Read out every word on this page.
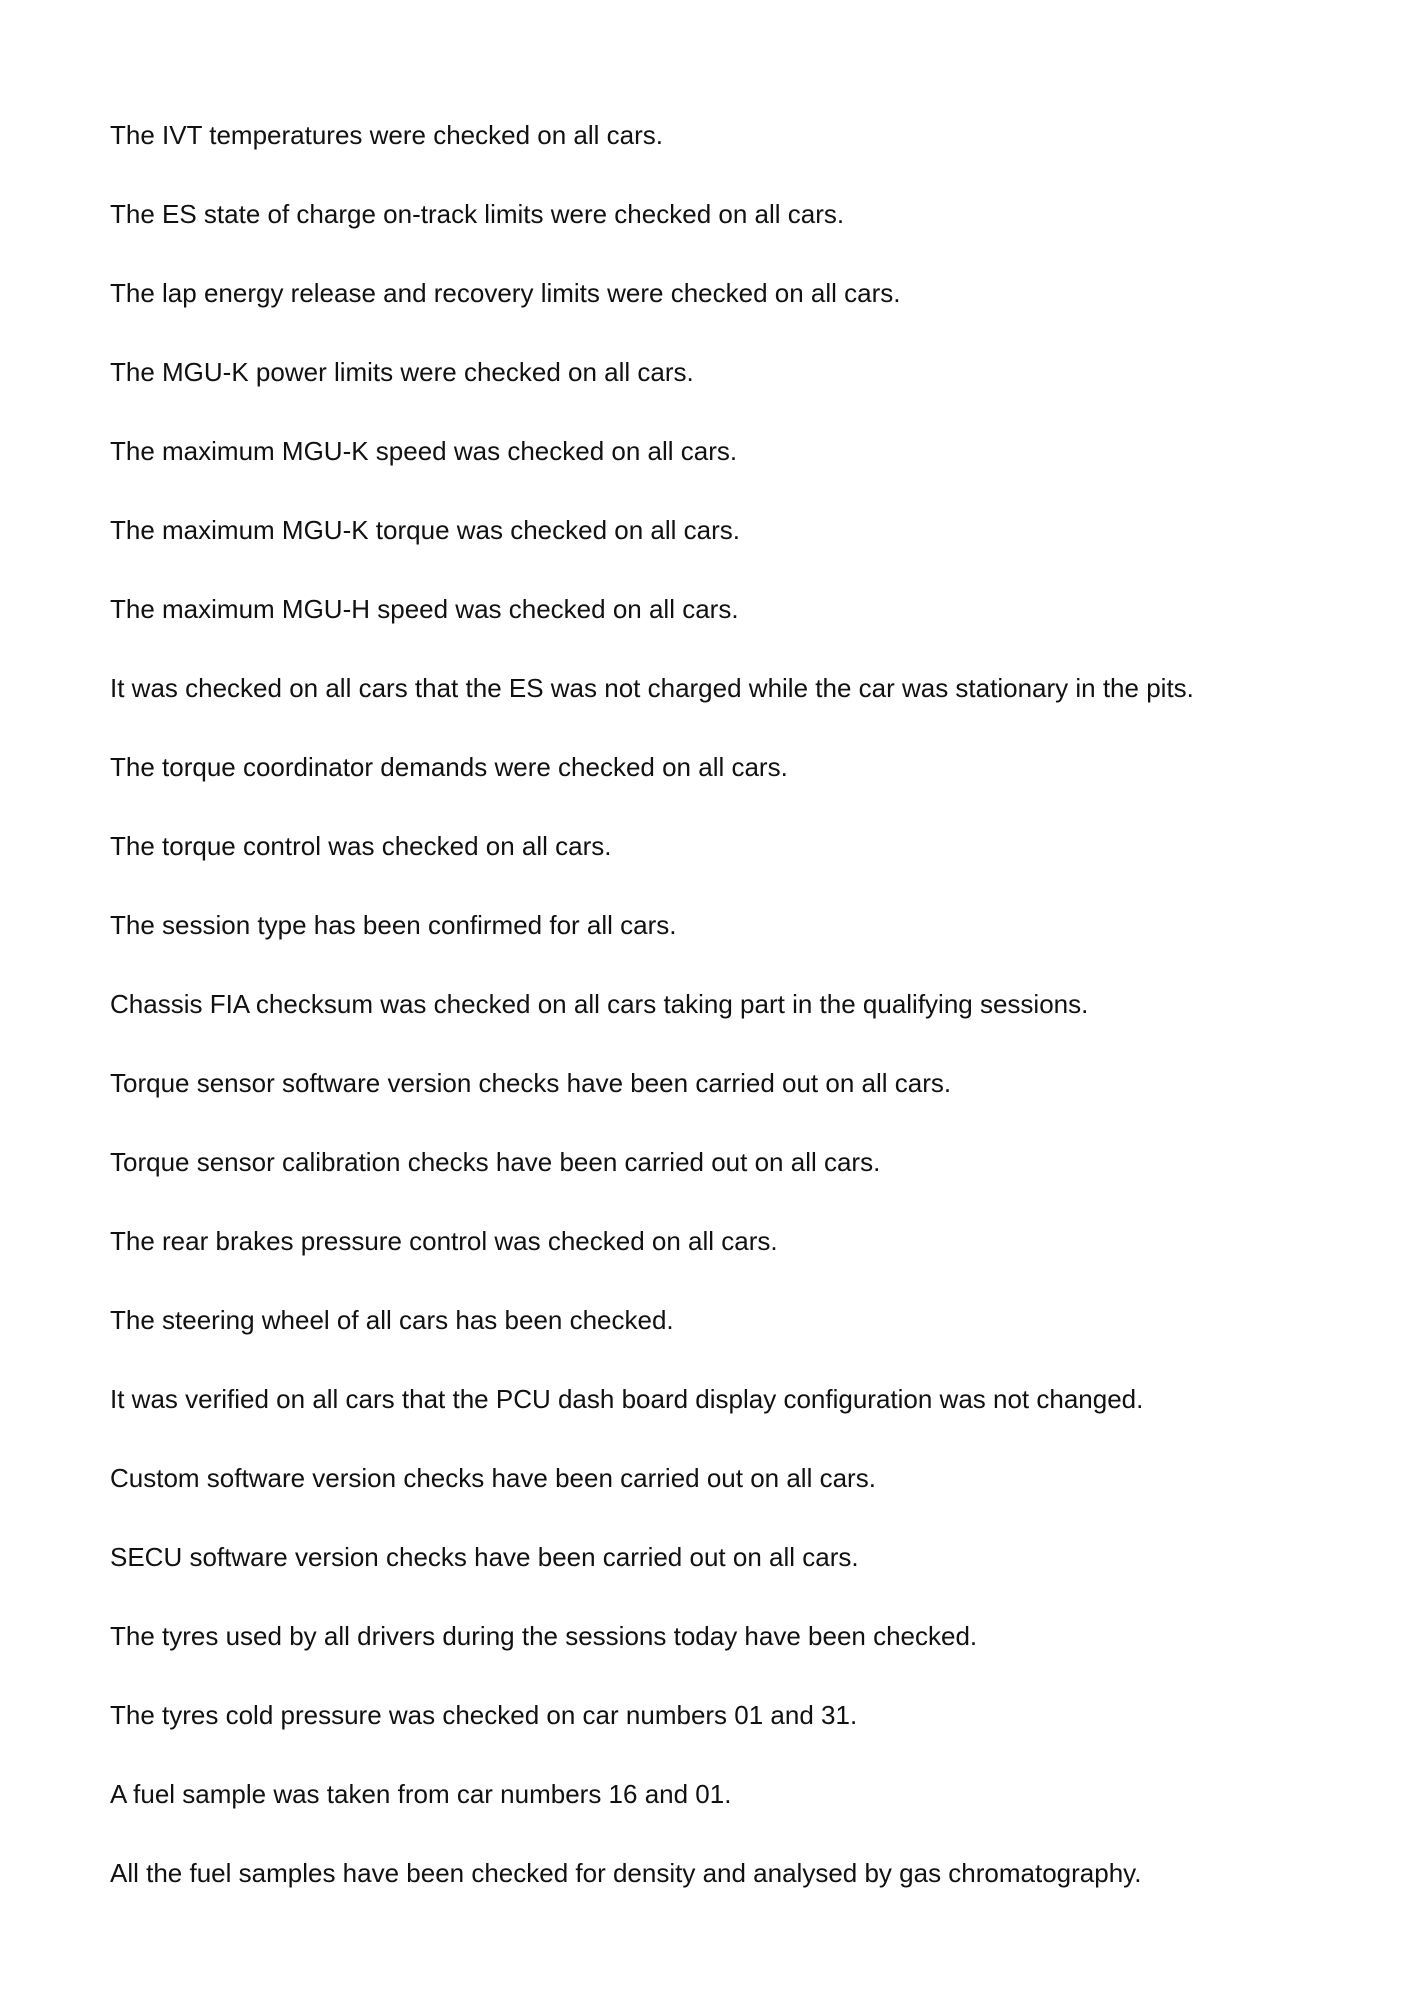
The IVT temperatures were checked on all cars.

The ES state of charge on-track limits were checked on all cars.

The lap energy release and recovery limits were checked on all cars.

The MGU-K power limits were checked on all cars.

The maximum MGU-K speed was checked on all cars.

The maximum MGU-K torque was checked on all cars.

The maximum MGU-H speed was checked on all cars.

It was checked on all cars that the ES was not charged while the car was stationary in the pits.

The torque coordinator demands were checked on all cars.

The torque control was checked on all cars.

The session type has been confirmed for all cars.

Chassis FIA checksum was checked on all cars taking part in the qualifying sessions.

Torque sensor software version checks have been carried out on all cars.

Torque sensor calibration checks have been carried out on all cars.

The rear brakes pressure control was checked on all cars.

The steering wheel of all cars has been checked.

It was verified on all cars that the PCU dash board display configuration was not changed.

Custom software version checks have been carried out on all cars.

SECU software version checks have been carried out on all cars.

The tyres used by all drivers during the sessions today have been checked.

The tyres cold pressure was checked on car numbers 01 and 31.

A fuel sample was taken from car numbers 16 and 01.

All the fuel samples have been checked for density and analysed by gas chromatography.
